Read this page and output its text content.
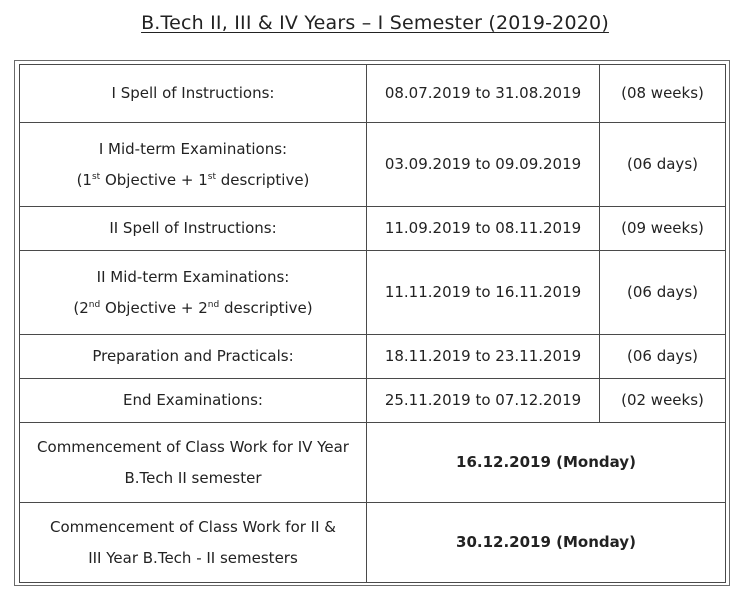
B.Tech II, III & IV Years – I Semester (2019-2020)
I Spell of Instructions:	08.07.2019 to 31.08.2019	(08 weeks)

I Mid-term Examinations:
(1st Objective + 1st descriptive)	03.09.2019 to 09.09.2019	(06 days)
II Spell of Instructions:	11.09.2019 to 08.11.2019	(09 weeks)

II Mid-term Examinations:
(2nd Objective + 2nd descriptive)	11.11.2019 to 16.11.2019	(06 days)
Preparation and Practicals:	18.11.2019 to 23.11.2019	(06 days)
End Examinations:	25.11.2019 to 07.12.2019	(02 weeks)

Commencement of Class Work for IV Year
B.Tech II semester	16.12.2019 (Monday)	

Commencement of Class Work for II &
III Year B.Tech - II semesters	30.12.2019 (Monday)	
